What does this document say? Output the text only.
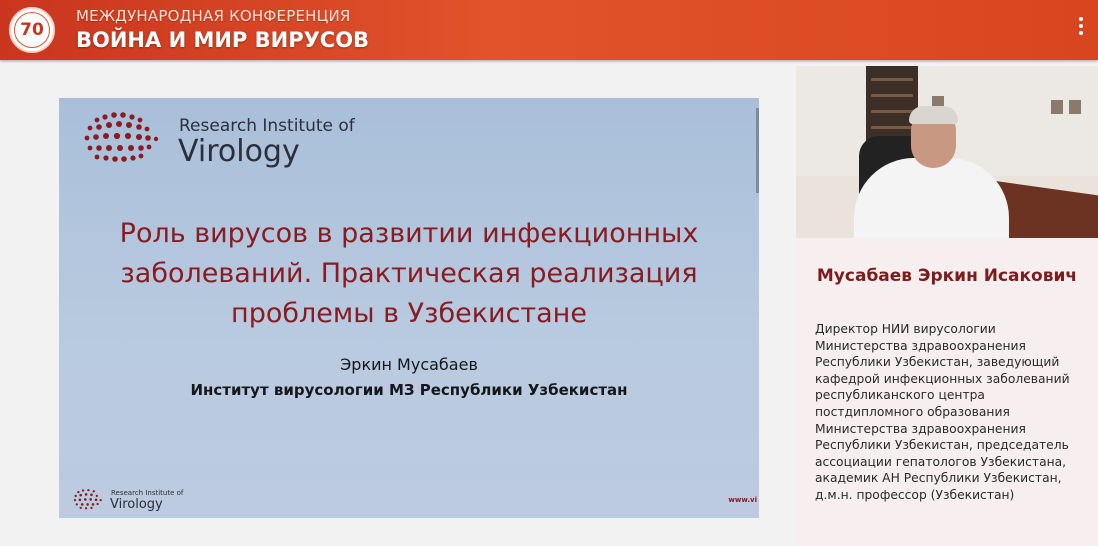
70
МЕЖДУНАРОДНАЯ КОНФЕРЕНЦИЯ
ВОЙНА И МИР ВИРУСОВ
Research Institute of
Virology
Роль вирусов в развитии инфекционных заболеваний. Практическая реализация проблемы в Узбекистане
Эркин Мусабаев
Институт вирусологии МЗ Республики Узбекистан
Research Institute of
Virology	www.vi
Мусабаев Эркин Исакович
Директор НИИ вирусологии Министерства здравоохранения Республики Узбекистан, заведующий кафедрой инфекционных заболеваний республиканского центра постдипломного образования Министерства здравоохранения Республики Узбекистан, председатель ассоциации гепатологов Узбекистана, академик АН Республики Узбекистан, д.м.н. профессор (Узбекистан)
